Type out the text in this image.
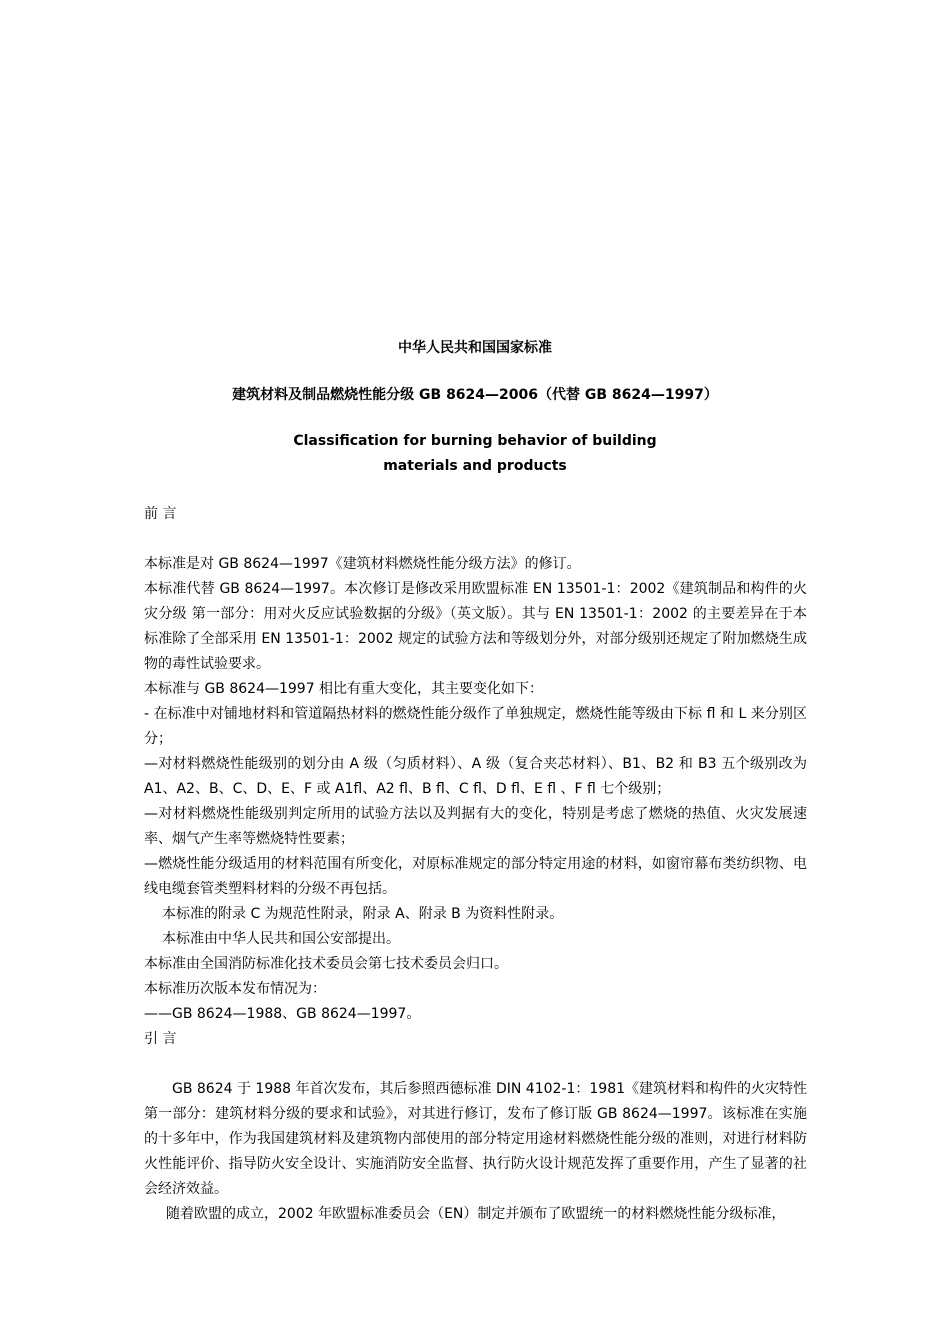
中华人民共和国国家标准
建筑材料及制品燃烧性能分级 GB 8624—2006（代替 GB 8624—1997）
Classification for burning behavior of building
materials and products

前 言

本标准是对 GB 8624—1997《建筑材料燃烧性能分级方法》的修订。

本标准代替 GB 8624—1997。本次修订是修改采用欧盟标准 EN 13501-1：2002《建筑制品和构件的火灾分级 第一部分：用对火反应试验数据的分级》（英文版）。其与 EN 13501-1：2002 的主要差异在于本标准除了全部采用 EN 13501-1：2002 规定的试验方法和等级划分外，对部分级别还规定了附加燃烧生成物的毒性试验要求。

本标准与 GB 8624—1997 相比有重大变化，其主要变化如下：

- 在标准中对铺地材料和管道隔热材料的燃烧性能分级作了单独规定，燃烧性能等级由下标 fl 和 L 来分别区分；

—对材料燃烧性能级别的划分由 A 级（匀质材料）、A 级（复合夹芯材料）、B1、B2 和 B3 五个级别改为 A1、A2、B、C、D、E、F 或 A1fl、A2 fl、B fl、C fl、D fl、E fl 、F fl 七个级别；

—对材料燃烧性能级别判定所用的试验方法以及判据有大的变化，特别是考虑了燃烧的热值、火灾发展速率、烟气产生率等燃烧特性要素；

—燃烧性能分级适用的材料范围有所变化，对原标准规定的部分特定用途的材料，如窗帘幕布类纺织物、电线电缆套管类塑料材料的分级不再包括。

本标准的附录 C 为规范性附录，附录 A、附录 B 为资料性附录。

本标准由中华人民共和国公安部提出。

本标准由全国消防标准化技术委员会第七技术委员会归口。

本标准历次版本发布情况为：

——GB 8624—1988、GB 8624—1997。

引 言

GB 8624 于 1988 年首次发布，其后参照西德标准 DIN 4102-1：1981《建筑材料和构件的火灾特性 第一部分：建筑材料分级的要求和试验》，对其进行修订，发布了修订版 GB 8624—1997。该标准在实施的十多年中，作为我国建筑材料及建筑物内部使用的部分特定用途材料燃烧性能分级的准则，对进行材料防火性能评价、指导防火安全设计、实施消防安全监督、执行防火设计规范发挥了重要作用，产生了显著的社会经济效益。

随着欧盟的成立，2002 年欧盟标准委员会（EN）制定并颁布了欧盟统一的材料燃烧性能分级标准，
